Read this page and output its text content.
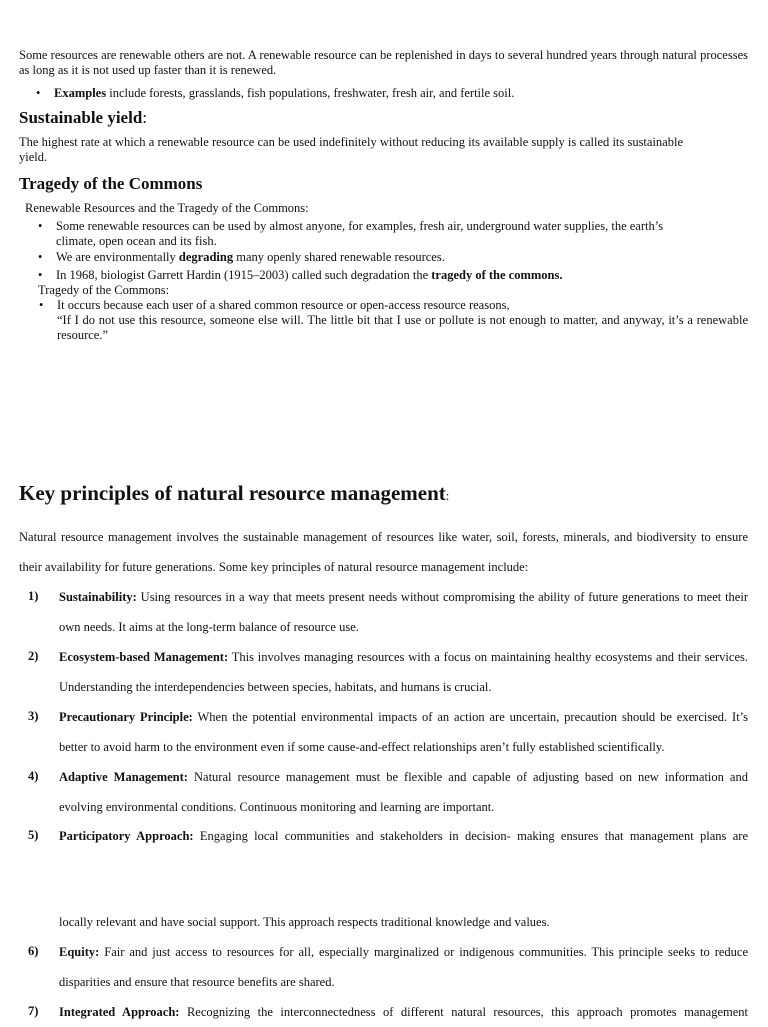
Some resources are renewable others are not. A renewable resource can be replenished in days to several hundred years through natural processes as long as it is not used up faster than it is renewed.
• Examples include forests, grasslands, fish populations, freshwater, fresh air, and fertile soil.
Sustainable yield:
The highest rate at which a renewable resource can be used indefinitely without reducing its available supply is called its sustainable yield.
Tragedy of the Commons
Renewable Resources and the Tragedy of the Commons:
• Some renewable resources can be used by almost anyone, for examples, fresh air, underground water supplies, the earth’s climate, open ocean and its fish.
• We are environmentally degrading many openly shared renewable resources.
• In 1968, biologist Garrett Hardin (1915–2003) called such degradation the tragedy of the commons.
Tragedy of the Commons:
• It occurs because each user of a shared common resource or open-access resource reasons,
“If I do not use this resource, someone else will. The little bit that I use or pollute is not enough to matter, and anyway, it’s a renewable resource.”
Key principles of natural resource management:
Natural resource management involves the sustainable management of resources like water, soil, forests, minerals, and biodiversity to ensure their availability for future generations. Some key principles of natural resource management include:
1) Sustainability: Using resources in a way that meets present needs without compromising the ability of future generations to meet their own needs. It aims at the long-term balance of resource use.
2) Ecosystem-based Management: This involves managing resources with a focus on maintaining healthy ecosystems and their services. Understanding the interdependencies between species, habitats, and humans is crucial.
3) Precautionary Principle: When the potential environmental impacts of an action are uncertain, precaution should be exercised. It’s better to avoid harm to the environment even if some cause-and-effect relationships aren’t fully established scientifically.
4) Adaptive Management: Natural resource management must be flexible and capable of adjusting based on new information and evolving environmental conditions. Continuous monitoring and learning are important.
5) Participatory Approach: Engaging local communities and stakeholders in decision- making ensures that management plans are
locally relevant and have social support. This approach respects traditional knowledge and values.
6) Equity: Fair and just access to resources for all, especially marginalized or indigenous communities. This principle seeks to reduce disparities and ensure that resource benefits are shared.
7) Integrated Approach: Recognizing the interconnectedness of different natural resources, this approach promotes management
